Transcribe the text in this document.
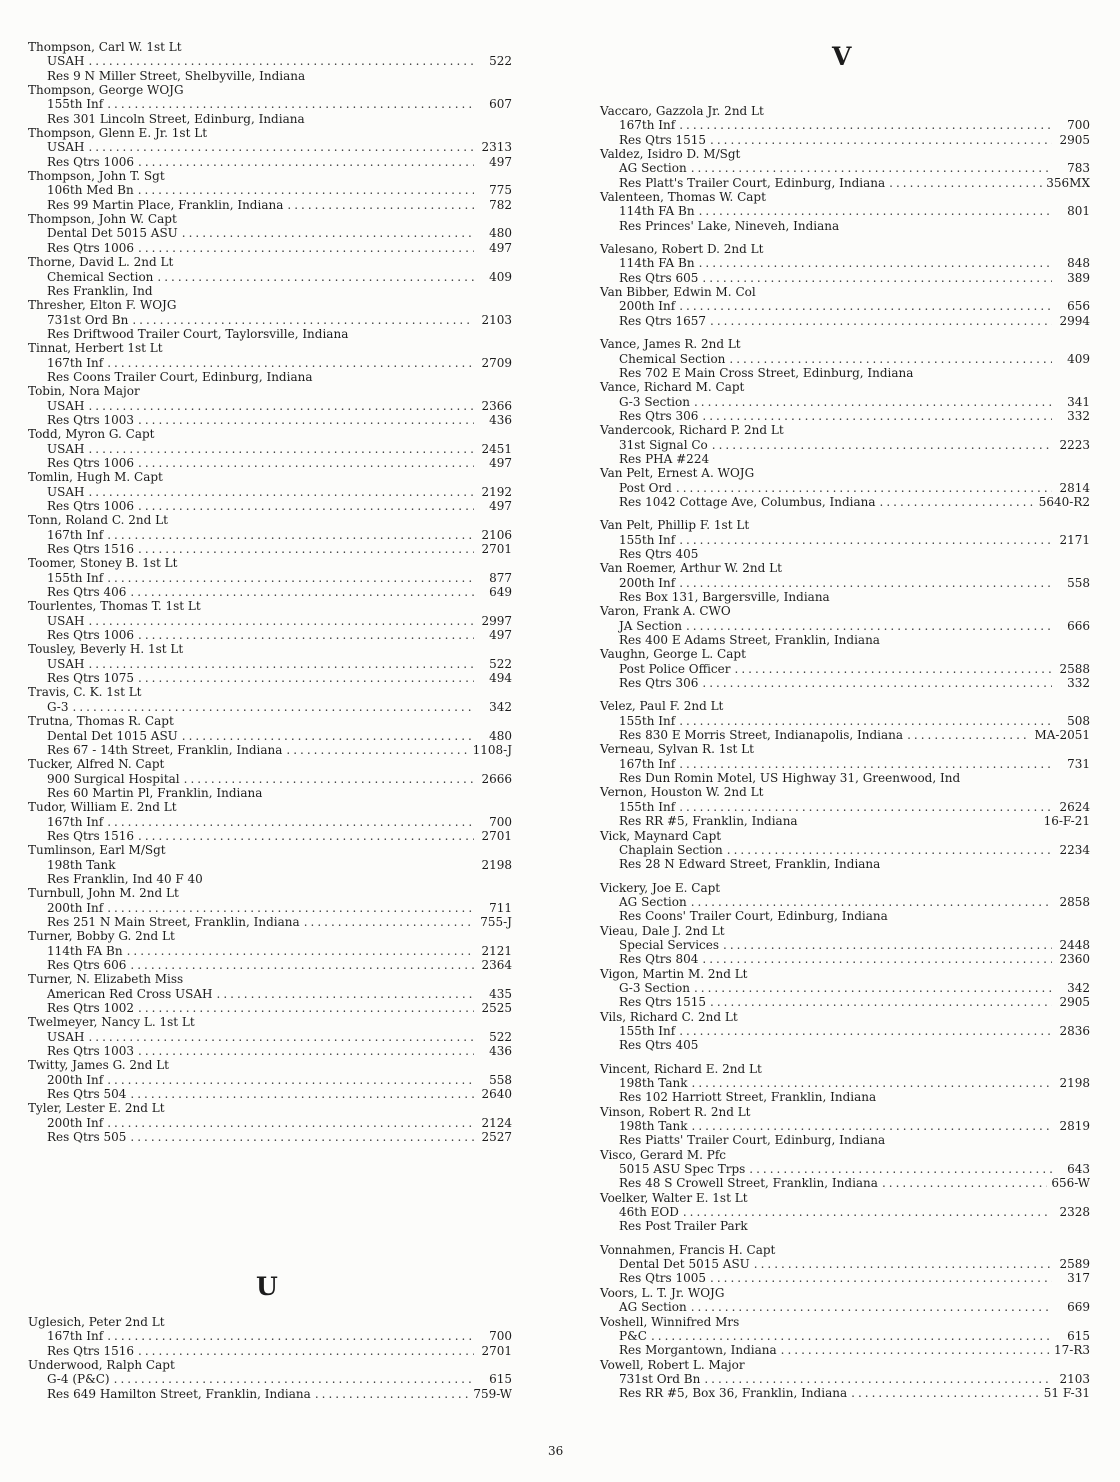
Thompson, Carl W. 1st Lt
USAH .....	522
Res 9 N Miller Street, Shelbyville, Indiana
Thompson, George WOJG
155th Inf .....	607
Res 301 Lincoln Street, Edinburg, Indiana
Thompson, Glenn E. Jr. 1st Lt
USAH .....	2313
Res Qtrs 1006 .....	497
Thompson, John T. Sgt
106th Med Bn .....	775
Res 99 Martin Place, Franklin, Indiana .....	782
Thompson, John W. Capt
Dental Det 5015 ASU .....	480
Res Qtrs 1006 .....	497
Thorne, David L. 2nd Lt
Chemical Section .....	409
Res Franklin, Ind
Thresher, Elton F. WOJG
731st Ord Bn .....	2103
Res Driftwood Trailer Court, Taylorsville, Indiana
Tinnat, Herbert 1st Lt
167th Inf .....	2709
Res Coons Trailer Court, Edinburg, Indiana
Tobin, Nora Major
USAH .....	2366
Res Qtrs 1003 .....	436
Todd, Myron G. Capt
USAH .....	2451
Res Qtrs 1006 .....	497
Tomlin, Hugh M. Capt
USAH .....	2192
Res Qtrs 1006 .....	497
Tonn, Roland C. 2nd Lt
167th Inf .....	2106
Res Qtrs 1516 .....	2701
Toomer, Stoney B. 1st Lt
155th Inf .....	877
Res Qtrs 406 .....	649
Tourlentes, Thomas T. 1st Lt
USAH .....	2997
Res Qtrs 1006 .....	497
Tousley, Beverly H. 1st Lt
USAH .....	522
Res Qtrs 1075 .....	494
Travis, C. K. 1st Lt
G-3 .....	342
Trutna, Thomas R. Capt
Dental Det 1015 ASU .....	480
Res 67 - 14th Street, Franklin, Indiana .....	1108-J
Tucker, Alfred N. Capt
900 Surgical Hospital .....	2666
Res 60 Martin Pl, Franklin, Indiana
Tudor, William E. 2nd Lt
167th Inf .....	700
Res Qtrs 1516 .....	2701
Tumlinson, Earl M/Sgt
198th Tank	2198
Res Franklin, Ind 40 F 40
Turnbull, John M. 2nd Lt
200th Inf .....	711
Res 251 N Main Street, Franklin, Indiana .....	755-J
Turner, Bobby G. 2nd Lt
114th FA Bn .....	2121
Res Qtrs 606 .....	2364
Turner, N. Elizabeth Miss
American Red Cross USAH .....	435
Res Qtrs 1002 .....	2525
Twelmeyer, Nancy L. 1st Lt
USAH .....	522
Res Qtrs 1003 .....	436
Twitty, James G. 2nd Lt
200th Inf .....	558
Res Qtrs 504 .....	2640
Tyler, Lester E. 2nd Lt
200th Inf .....	2124
Res Qtrs 505 .....	2527
U
Uglesich, Peter 2nd Lt
167th Inf .....	700
Res Qtrs 1516 .....	2701
Underwood, Ralph Capt
G-4 (P&C) .....	615
Res 649 Hamilton Street, Franklin, Indiana .....	759-W
V
Vaccaro, Gazzola Jr. 2nd Lt
167th Inf .....	700
Res Qtrs 1515 .....	2905
Valdez, Isidro D. M/Sgt
AG Section .....	783
Res Platt's Trailer Court, Edinburg, Indiana .....	356MX
Valenteen, Thomas W. Capt
114th FA Bn .....	801
Res Princes' Lake, Nineveh, Indiana
Valesano, Robert D. 2nd Lt
114th FA Bn .....	848
Res Qtrs 605 .....	389
Van Bibber, Edwin M. Col
200th Inf .....	656
Res Qtrs 1657 .....	2994
Vance, James R. 2nd Lt
Chemical Section .....	409
Res 702 E Main Cross Street, Edinburg, Indiana
Vance, Richard M. Capt
G-3 Section .....	341
Res Qtrs 306 .....	332
Vandercook, Richard P. 2nd Lt
31st Signal Co .....	2223
Res PHA #224
Van Pelt, Ernest A. WOJG
Post Ord .....	2814
Res 1042 Cottage Ave, Columbus, Indiana .....	5640-R2
Van Pelt, Phillip F. 1st Lt
155th Inf .....	2171
Res Qtrs 405
Van Roemer, Arthur W. 2nd Lt
200th Inf .....	558
Res Box 131, Bargersville, Indiana
Varon, Frank A. CWO
JA Section .....	666
Res 400 E Adams Street, Franklin, Indiana
Vaughn, George L. Capt
Post Police Officer .....	2588
Res Qtrs 306 .....	332
Velez, Paul F. 2nd Lt
155th Inf .....	508
Res 830 E Morris Street, Indianapolis, Indiana .....	MA-2051
Verneau, Sylvan R. 1st Lt
167th Inf .....	731
Res Dun Romin Motel, US Highway 31, Greenwood, Ind
Vernon, Houston W. 2nd Lt
155th Inf .....	2624
Res RR #5, Franklin, Indiana	16-F-21
Vick, Maynard Capt
Chaplain Section .....	2234
Res 28 N Edward Street, Franklin, Indiana
Vickery, Joe E. Capt
AG Section .....	2858
Res Coons' Trailer Court, Edinburg, Indiana
Vieau, Dale J. 2nd Lt
Special Services .....	2448
Res Qtrs 804 .....	2360
Vigon, Martin M. 2nd Lt
G-3 Section .....	342
Res Qtrs 1515 .....	2905
Vils, Richard C. 2nd Lt
155th Inf .....	2836
Res Qtrs 405
Vincent, Richard E. 2nd Lt
198th Tank .....	2198
Res 102 Harriott Street, Franklin, Indiana
Vinson, Robert R. 2nd Lt
198th Tank .....	2819
Res Piatts' Trailer Court, Edinburg, Indiana
Visco, Gerard M. Pfc
5015 ASU Spec Trps .....	643
Res 48 S Crowell Street, Franklin, Indiana .....	656-W
Voelker, Walter E. 1st Lt
46th EOD .....	2328
Res Post Trailer Park
Vonnahmen, Francis H. Capt
Dental Det 5015 ASU .....	2589
Res Qtrs 1005 .....	317
Voors, L. T. Jr. WOJG
AG Section .....	669
Voshell, Winnifred Mrs
P&C .....	615
Res Morgantown, Indiana .....	17-R3
Vowell, Robert L. Major
731st Ord Bn .....	2103
Res RR #5, Box 36, Franklin, Indiana .....	51 F-31
36
